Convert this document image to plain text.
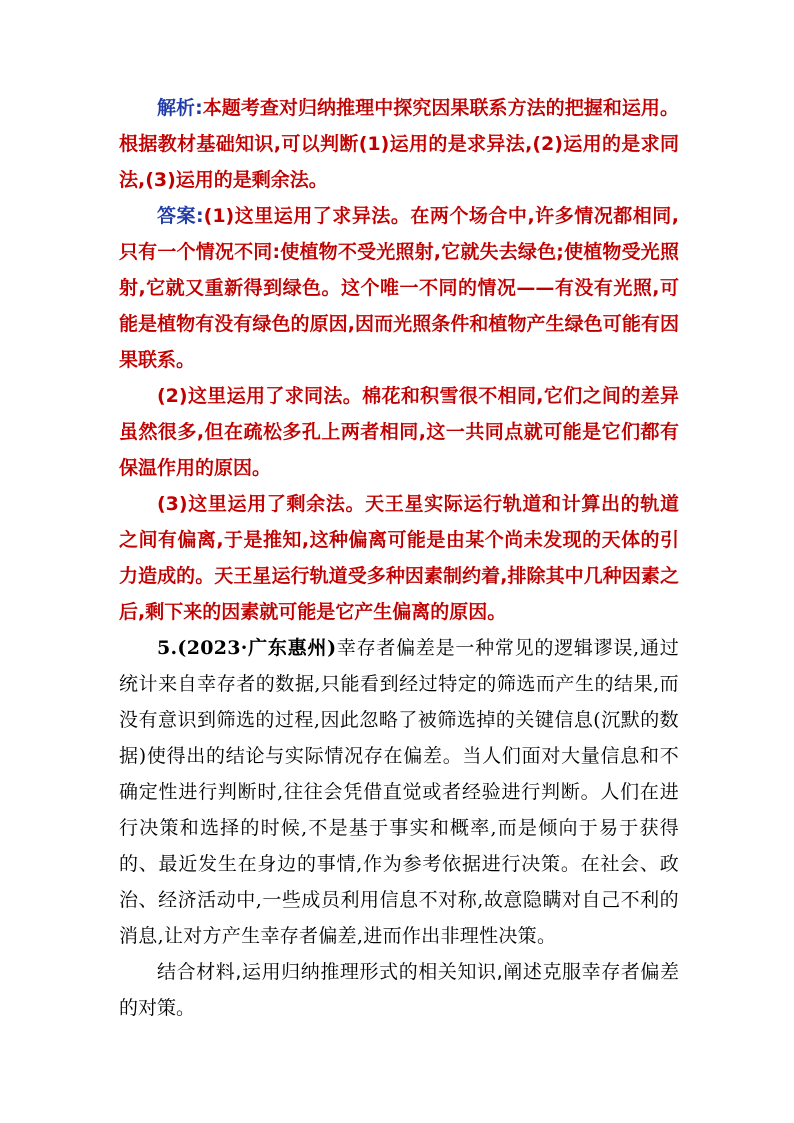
解析:本题考查对归纳推理中探究因果联系方法的把握和运用。根据教材基础知识,可以判断(1)运用的是求异法,(2)运用的是求同法,(3)运用的是剩余法。

答案:(1)这里运用了求异法。在两个场合中,许多情况都相同,只有一个情况不同:使植物不受光照射,它就失去绿色;使植物受光照射,它就又重新得到绿色。这个唯一不同的情况——有没有光照,可能是植物有没有绿色的原因,因而光照条件和植物产生绿色可能有因果联系。

(2)这里运用了求同法。棉花和积雪很不相同,它们之间的差异虽然很多,但在疏松多孔上两者相同,这一共同点就可能是它们都有保温作用的原因。

(3)这里运用了剩余法。天王星实际运行轨道和计算出的轨道之间有偏离,于是推知,这种偏离可能是由某个尚未发现的天体的引力造成的。天王星运行轨道受多种因素制约着,排除其中几种因素之后,剩下来的因素就可能是它产生偏离的原因。

5.(2023·广东惠州)幸存者偏差是一种常见的逻辑谬误,通过统计来自幸存者的数据,只能看到经过特定的筛选而产生的结果,而没有意识到筛选的过程,因此忽略了被筛选掉的关键信息(沉默的数据)使得出的结论与实际情况存在偏差。当人们面对大量信息和不确定性进行判断时,往往会凭借直觉或者经验进行判断。人们在进行决策和选择的时候,不是基于事实和概率,而是倾向于易于获得的、最近发生在身边的事情,作为参考依据进行决策。在社会、政治、经济活动中,一些成员利用信息不对称,故意隐瞒对自己不利的消息,让对方产生幸存者偏差,进而作出非理性决策。

结合材料,运用归纳推理形式的相关知识,阐述克服幸存者偏差的对策。
